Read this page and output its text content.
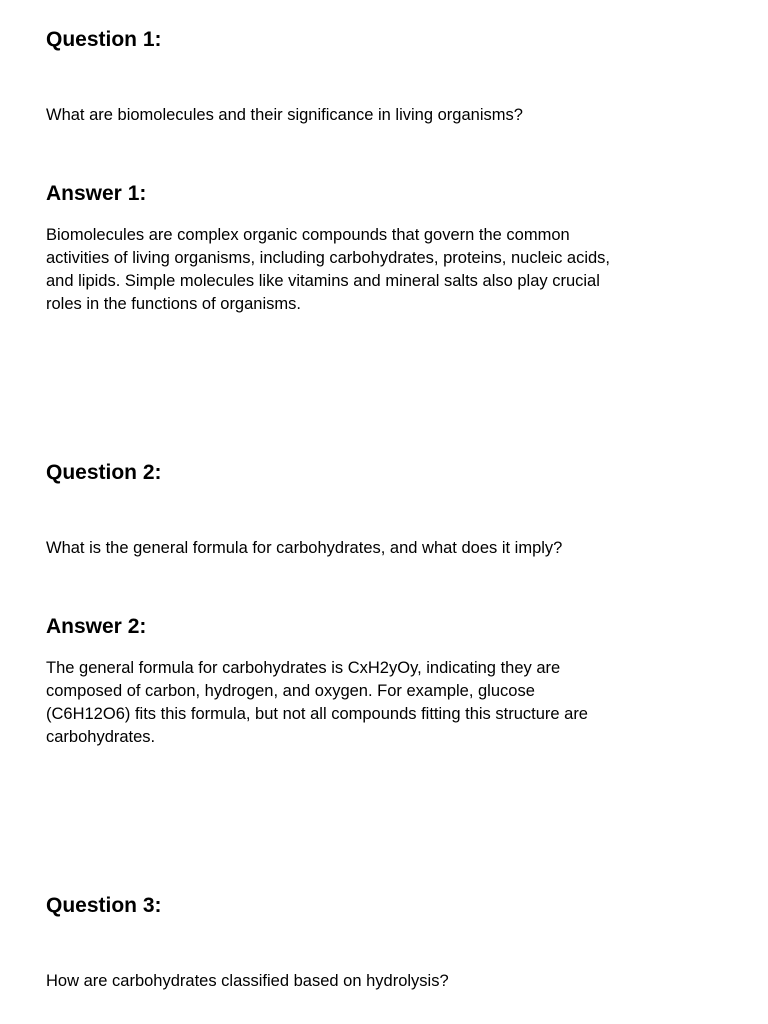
Question 1:

What are biomolecules and their significance in living organisms?

Answer 1:

Biomolecules are complex organic compounds that govern the common activities of living organisms, including carbohydrates, proteins, nucleic acids, and lipids. Simple molecules like vitamins and mineral salts also play crucial roles in the functions of organisms.

Question 2:

What is the general formula for carbohydrates, and what does it imply?

Answer 2:

The general formula for carbohydrates is CxH2yOy, indicating they are composed of carbon, hydrogen, and oxygen. For example, glucose (C6H12O6) fits this formula, but not all compounds fitting this structure are carbohydrates.

Question 3:

How are carbohydrates classified based on hydrolysis?
